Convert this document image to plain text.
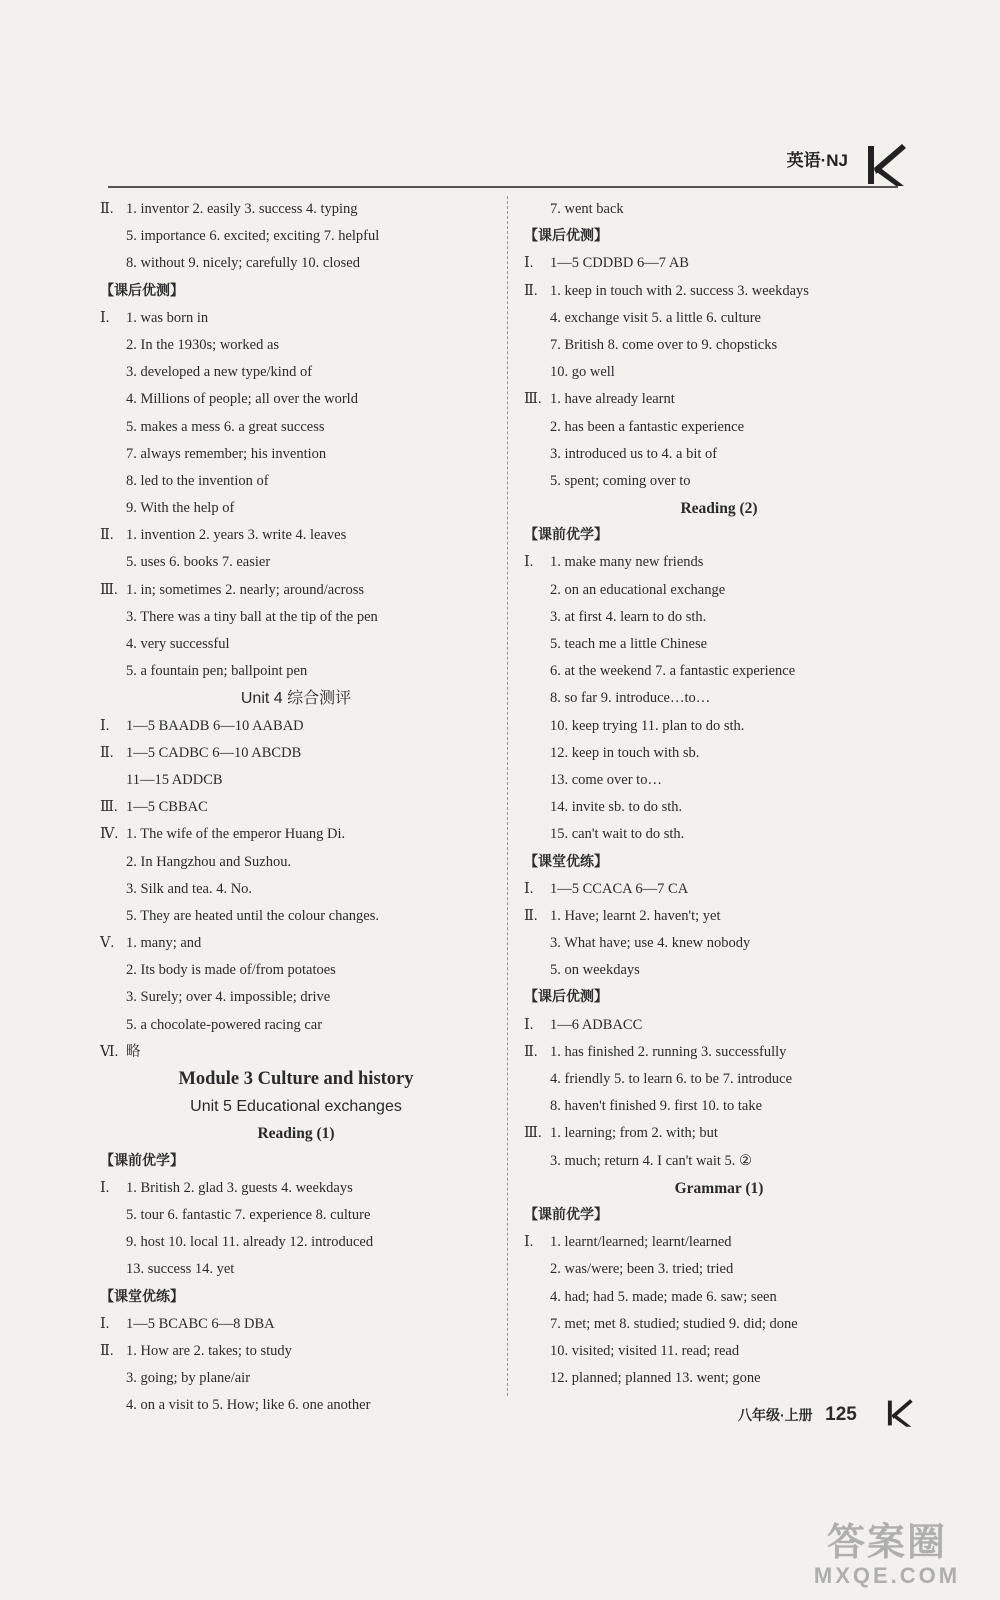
英语·NJ
Ⅱ. 1. inventor 2. easily 3. success 4. typing
5. importance 6. excited; exciting 7. helpful
8. without 9. nicely; carefully 10. closed
【课后优测】
Ⅰ. 1. was born in
2. In the 1930s; worked as
3. developed a new type/kind of
4. Millions of people; all over the world
5. makes a mess 6. a great success
7. always remember; his invention
8. led to the invention of
9. With the help of
Ⅱ. 1. invention 2. years 3. write 4. leaves
5. uses 6. books 7. easier
Ⅲ. 1. in; sometimes 2. nearly; around/across
3. There was a tiny ball at the tip of the pen
4. very successful
5. a fountain pen; ballpoint pen
Unit 4 综合测评
Ⅰ. 1—5 BAADB 6—10 AABAD
Ⅱ. 1—5 CADBC 6—10 ABCDB
11—15 ADDCB
Ⅲ. 1—5 CBBAC
Ⅳ. 1. The wife of the emperor Huang Di.
2. In Hangzhou and Suzhou.
3. Silk and tea. 4. No.
5. They are heated until the colour changes.
Ⅴ. 1. many; and
2. Its body is made of/from potatoes
3. Surely; over 4. impossible; drive
5. a chocolate-powered racing car
Ⅵ. 略
Module 3 Culture and history
Unit 5 Educational exchanges
Reading (1)
【课前优学】
Ⅰ. 1. British 2. glad 3. guests 4. weekdays
5. tour 6. fantastic 7. experience 8. culture
9. host 10. local 11. already 12. introduced
13. success 14. yet
【课堂优练】
Ⅰ. 1—5 BCABC 6—8 DBA
Ⅱ. 1. How are 2. takes; to study
3. going; by plane/air
4. on a visit to 5. How; like 6. one another
7. went back
【课后优测】
Ⅰ. 1—5 CDDBD 6—7 AB
Ⅱ. 1. keep in touch with 2. success 3. weekdays
4. exchange visit 5. a little 6. culture
7. British 8. come over to 9. chopsticks
10. go well
Ⅲ. 1. have already learnt
2. has been a fantastic experience
3. introduced us to 4. a bit of
5. spent; coming over to
Reading (2)
【课前优学】
Ⅰ. 1. make many new friends
2. on an educational exchange
3. at first 4. learn to do sth.
5. teach me a little Chinese
6. at the weekend 7. a fantastic experience
8. so far 9. introduce…to…
10. keep trying 11. plan to do sth.
12. keep in touch with sb.
13. come over to…
14. invite sb. to do sth.
15. can't wait to do sth.
【课堂优练】
Ⅰ. 1—5 CCACA 6—7 CA
Ⅱ. 1. Have; learnt 2. haven't; yet
3. What have; use 4. knew nobody
5. on weekdays
【课后优测】
Ⅰ. 1—6 ADBACC
Ⅱ. 1. has finished 2. running 3. successfully
4. friendly 5. to learn 6. to be 7. introduce
8. haven't finished 9. first 10. to take
Ⅲ. 1. learning; from 2. with; but
3. much; return 4. I can't wait 5. ②
Grammar (1)
【课前优学】
Ⅰ. 1. learnt/learned; learnt/learned
2. was/were; been 3. tried; tried
4. had; had 5. made; made 6. saw; seen
7. met; met 8. studied; studied 9. did; done
10. visited; visited 11. read; read
12. planned; planned 13. went; gone
八年级·上册 125
答案圈
MXQE.COM
